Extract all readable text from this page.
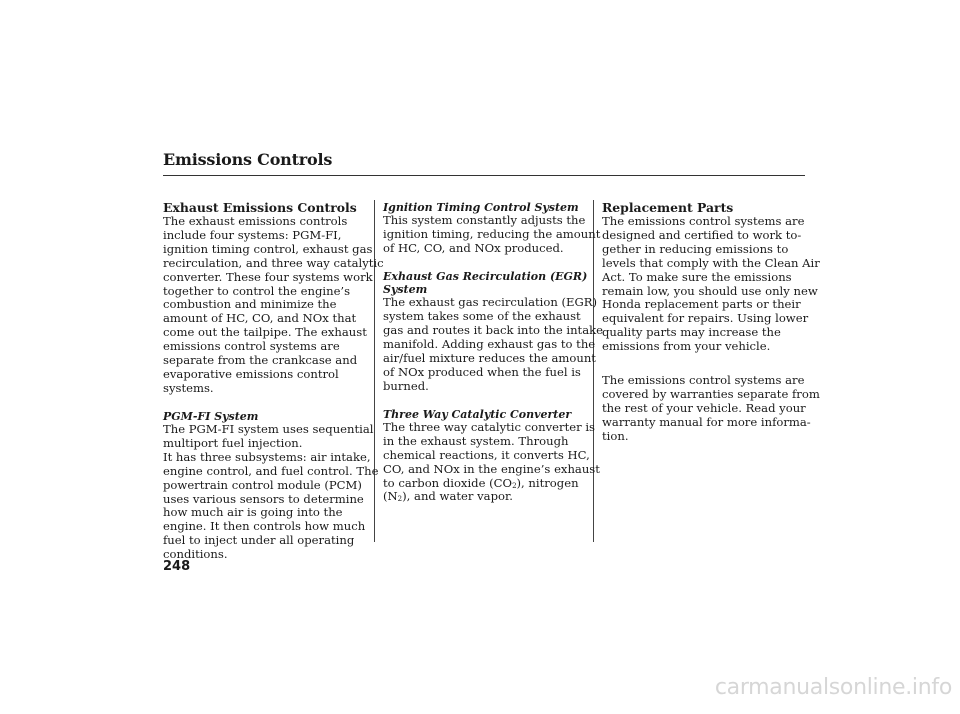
Emissions Controls
Exhaust Emissions Controls

The exhaust emissions controls

include four systems: PGM-FI,

ignition timing control, exhaust gas

recirculation, and three way catalytic

converter. These four systems work

together to control the engine’s

combustion and minimize the

amount of HC, CO, and NOx that

come out the tailpipe. The exhaust

emissions control systems are

separate from the crankcase and

evaporative emissions control

systems.

PGM-FI System

The PGM-FI system uses sequential

multiport fuel injection.

It has three subsystems: air intake,

engine control, and fuel control. The

powertrain control module (PCM)

uses various sensors to determine

how much air is going into the

engine. It then controls how much

fuel to inject under all operating

conditions.

Ignition Timing Control System

This system constantly adjusts the

ignition timing, reducing the amount

of HC, CO, and NOx produced.

Exhaust Gas Recirculation (EGR)
System

The exhaust gas recirculation (EGR)

system takes some of the exhaust

gas and routes it back into the intake

manifold. Adding exhaust gas to the

air/fuel mixture reduces the amount

of NOx produced when the fuel is

burned.

Three Way Catalytic Converter

The three way catalytic converter is

in the exhaust system. Through

chemical reactions, it converts HC,

CO, and NOx in the engine’s exhaust

to carbon dioxide $(CO_2)$, nitrogen

$(N_2)$, and water vapor.

Replacement Parts

The emissions control systems are

designed and certified to work to-

gether in reducing emissions to

levels that comply with the Clean Air

Act. To make sure the emissions

remain low, you should use only new

Honda replacement parts or their

equivalent for repairs. Using lower

quality parts may increase the

emissions from your vehicle.

The emissions control systems are

covered by warranties separate from

the rest of your vehicle. Read your

warranty manual for more informa-

tion.

248
carmanualsonline.info
